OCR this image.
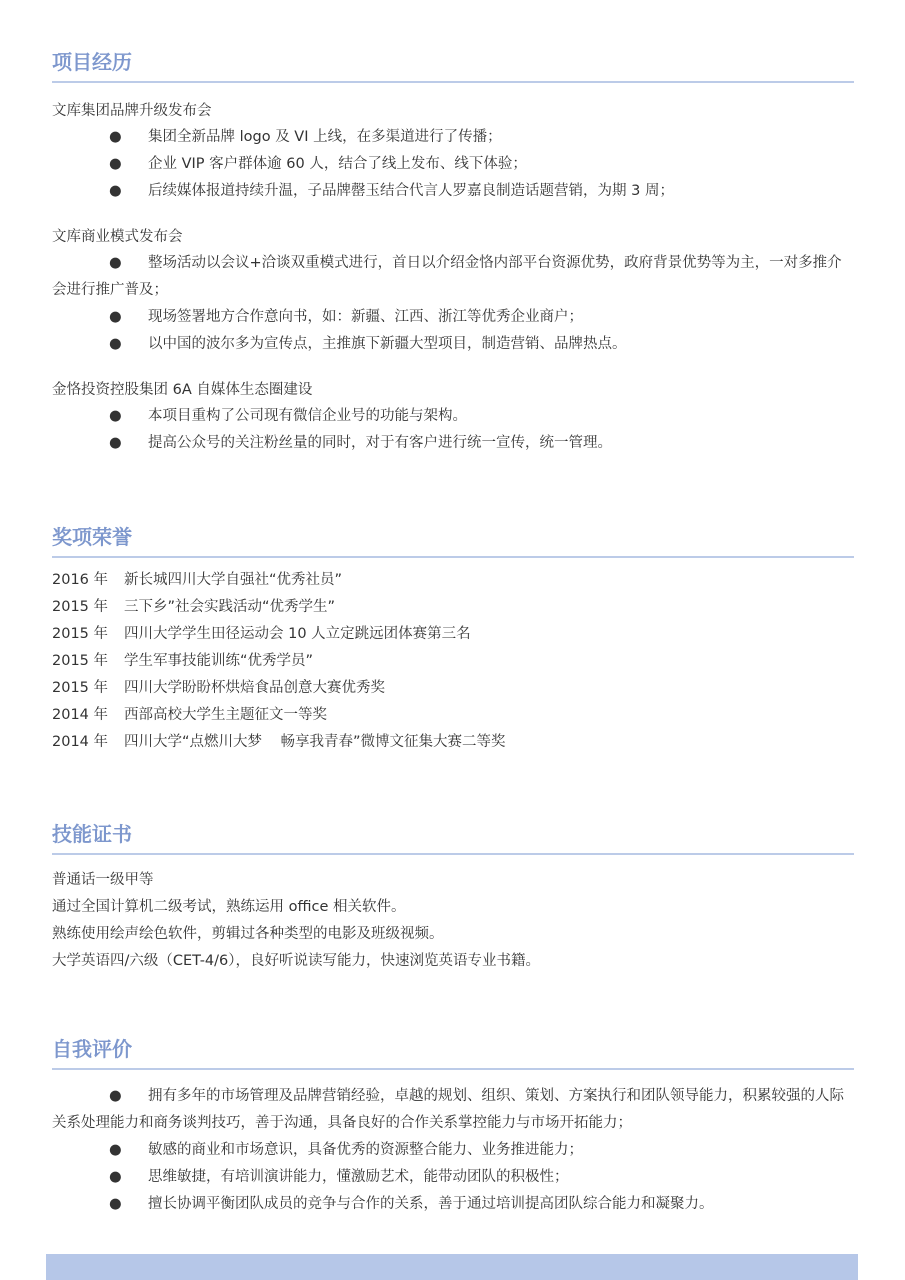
项目经历
文库集团品牌升级发布会
● 集团全新品牌 logo 及 VI 上线，在多渠道进行了传播；
● 企业 VIP 客户群体逾 60 人，结合了线上发布、线下体验；
● 后续媒体报道持续升温，子品牌罄玉结合代言人罗嘉良制造话题营销，为期 3 周；
文库商业模式发布会
● 整场活动以会议+洽谈双重模式进行，首日以介绍金恪内部平台资源优势，政府背景优势等为主，一对多推介会进行推广普及；
● 现场签署地方合作意向书，如：新疆、江西、浙江等优秀企业商户；
● 以中国的波尔多为宣传点，主推旗下新疆大型项目，制造营销、品牌热点。
金恪投资控股集团 6A 自媒体生态圈建设
● 本项目重构了公司现有微信企业号的功能与架构。
● 提高公众号的关注粉丝量的同时，对于有客户进行统一宣传，统一管理。
奖项荣誉
2016 年 新长城四川大学自强社“优秀社员”
2015 年 三下乡”社会实践活动“优秀学生”
2015 年 四川大学学生田径运动会 10 人立定跳远团体赛第三名
2015 年 学生军事技能训练“优秀学员”
2015 年 四川大学盼盼杯烘焙食品创意大赛优秀奖
2014 年 西部高校大学生主题征文一等奖
2014 年 四川大学“点燃川大梦    畅享我青春”微博文征集大赛二等奖
技能证书
普通话一级甲等
通过全国计算机二级考试，熟练运用 office 相关软件。
熟练使用绘声绘色软件，剪辑过各种类型的电影及班级视频。
大学英语四/六级（CET-4/6），良好听说读写能力，快速浏览英语专业书籍。
自我评价
● 拥有多年的市场管理及品牌营销经验，卓越的规划、组织、策划、方案执行和团队领导能力，积累较强的人际关系处理能力和商务谈判技巧，善于沟通，具备良好的合作关系掌控能力与市场开拓能力；
● 敏感的商业和市场意识，具备优秀的资源整合能力、业务推进能力；
● 思维敏捷，有培训演讲能力，懂激励艺术，能带动团队的积极性；
● 擅长协调平衡团队成员的竞争与合作的关系，善于通过培训提高团队综合能力和凝聚力。
